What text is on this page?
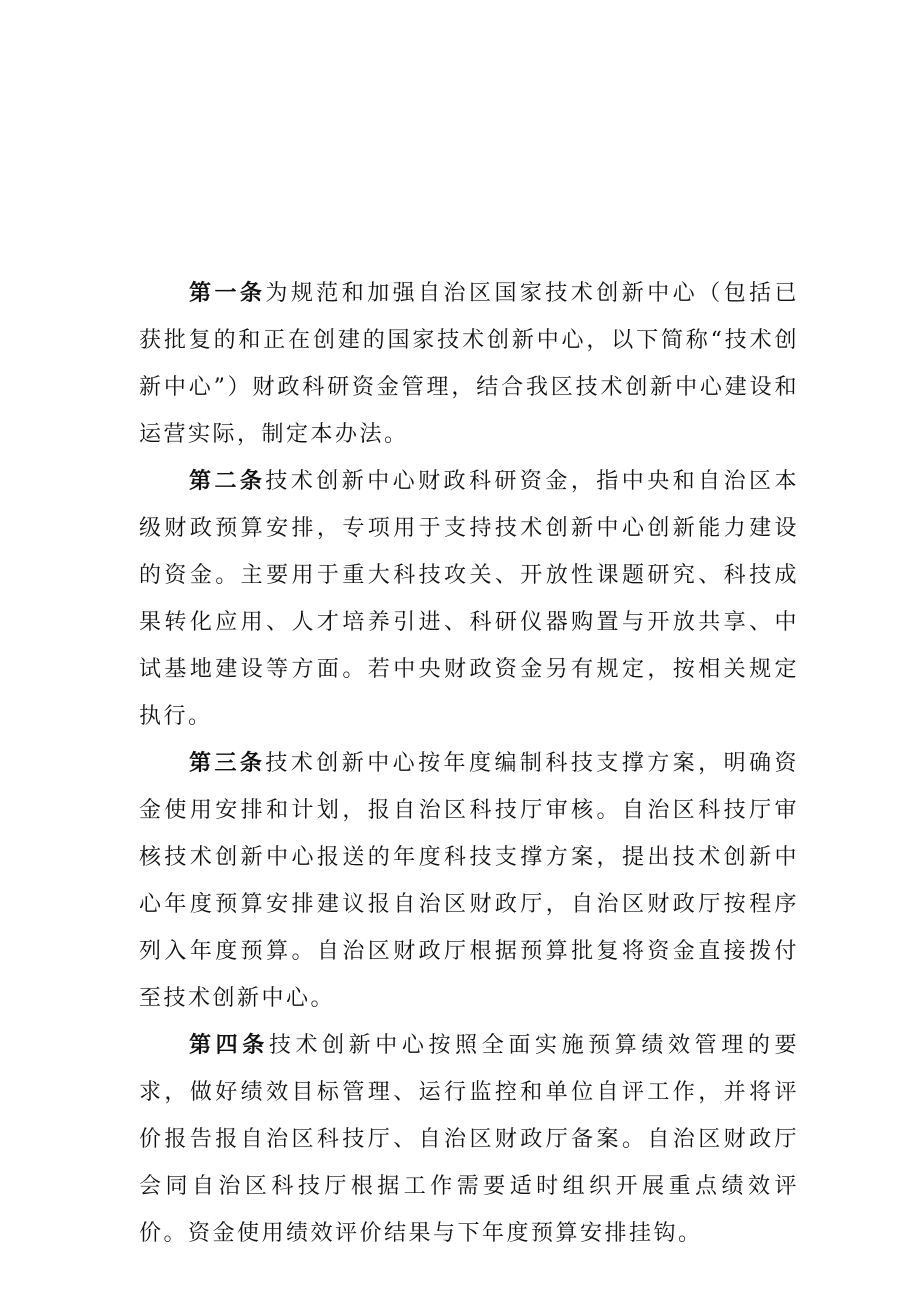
第一条为规范和加强自治区国家技术创新中心（包括已获批复的和正在创建的国家技术创新中心，以下简称“技术创新中心”）财政科研资金管理，结合我区技术创新中心建设和运营实际，制定本办法。

第二条技术创新中心财政科研资金，指中央和自治区本级财政预算安排，专项用于支持技术创新中心创新能力建设的资金。主要用于重大科技攻关、开放性课题研究、科技成果转化应用、人才培养引进、科研仪器购置与开放共享、中试基地建设等方面。若中央财政资金另有规定，按相关规定执行。

第三条技术创新中心按年度编制科技支撑方案，明确资金使用安排和计划，报自治区科技厅审核。自治区科技厅审核技术创新中心报送的年度科技支撑方案，提出技术创新中心年度预算安排建议报自治区财政厅，自治区财政厅按程序列入年度预算。自治区财政厅根据预算批复将资金直接拨付至技术创新中心。

第四条技术创新中心按照全面实施预算绩效管理的要求，做好绩效目标管理、运行监控和单位自评工作，并将评价报告报自治区科技厅、自治区财政厅备案。自治区财政厅会同自治区科技厅根据工作需要适时组织开展重点绩效评价。资金使用绩效评价结果与下年度预算安排挂钩。
